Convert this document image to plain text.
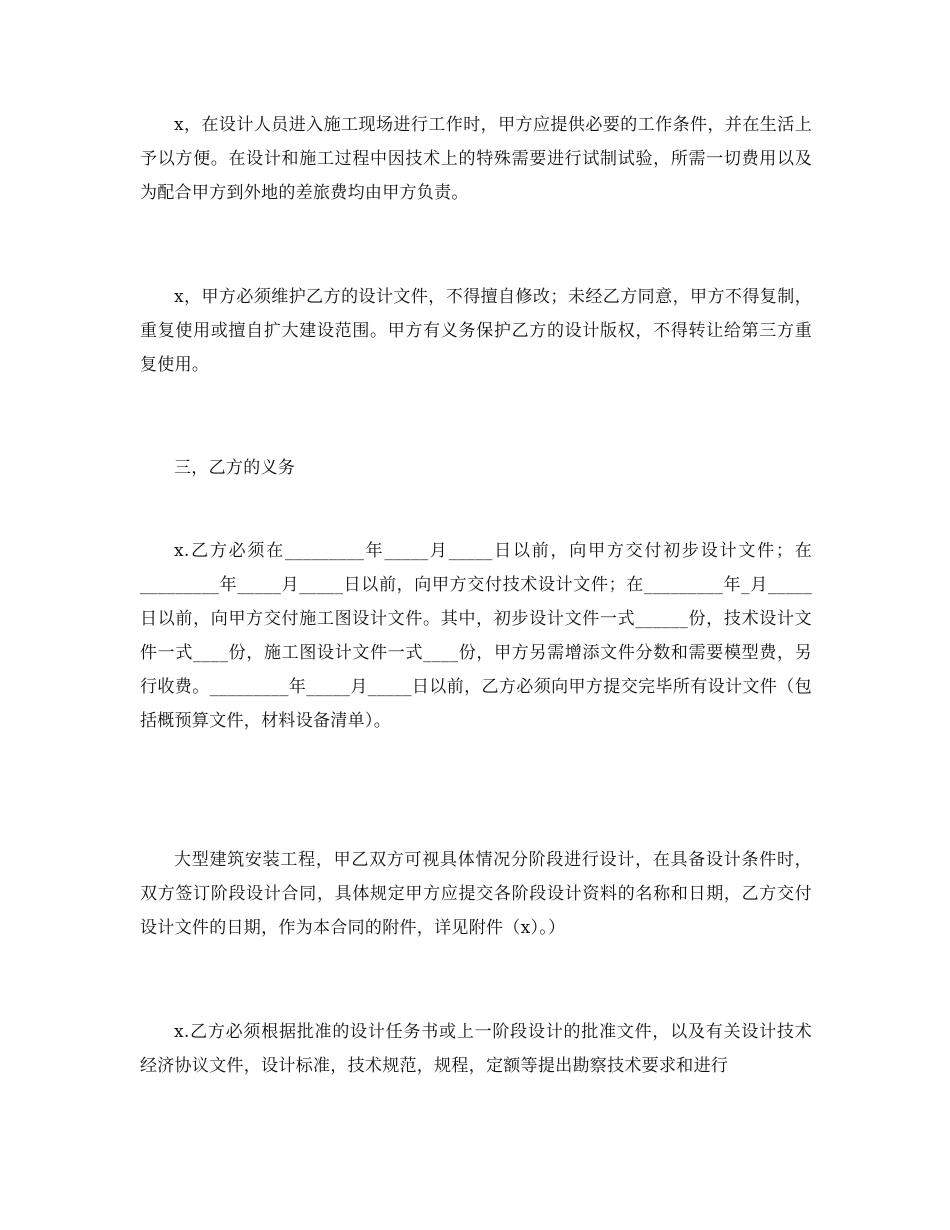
x，在设计人员进入施工现场进行工作时，甲方应提供必要的工作条件，并在生活上予以方便。在设计和施工过程中因技术上的特殊需要进行试制试验，所需一切费用以及为配合甲方到外地的差旅费均由甲方负责。

x，甲方必须维护乙方的设计文件，不得擅自修改；未经乙方同意，甲方不得复制，重复使用或擅自扩大建设范围。甲方有义务保护乙方的设计版权，不得转让给第三方重复使用。

三，乙方的义务

x.乙方必须在_________年_____月_____日以前，向甲方交付初步设计文件；在_________年_____月_____日以前，向甲方交付技术设计文件；在_________年_月_____日以前，向甲方交付施工图设计文件。其中，初步设计文件一式______份，技术设计文件一式____份，施工图设计文件一式____份，甲方另需增添文件分数和需要模型费，另行收费。_________年_____月_____日以前，乙方必须向甲方提交完毕所有设计文件（包括概预算文件，材料设备清单）。

大型建筑安装工程，甲乙双方可视具体情况分阶段进行设计，在具备设计条件时，双方签订阶段设计合同，具体规定甲方应提交各阶段设计资料的名称和日期，乙方交付设计文件的日期，作为本合同的附件，详见附件（x）。）

x.乙方必须根据批准的设计任务书或上一阶段设计的批准文件，以及有关设计技术经济协议文件，设计标准，技术规范，规程，定额等提出勘察技术要求和进行
